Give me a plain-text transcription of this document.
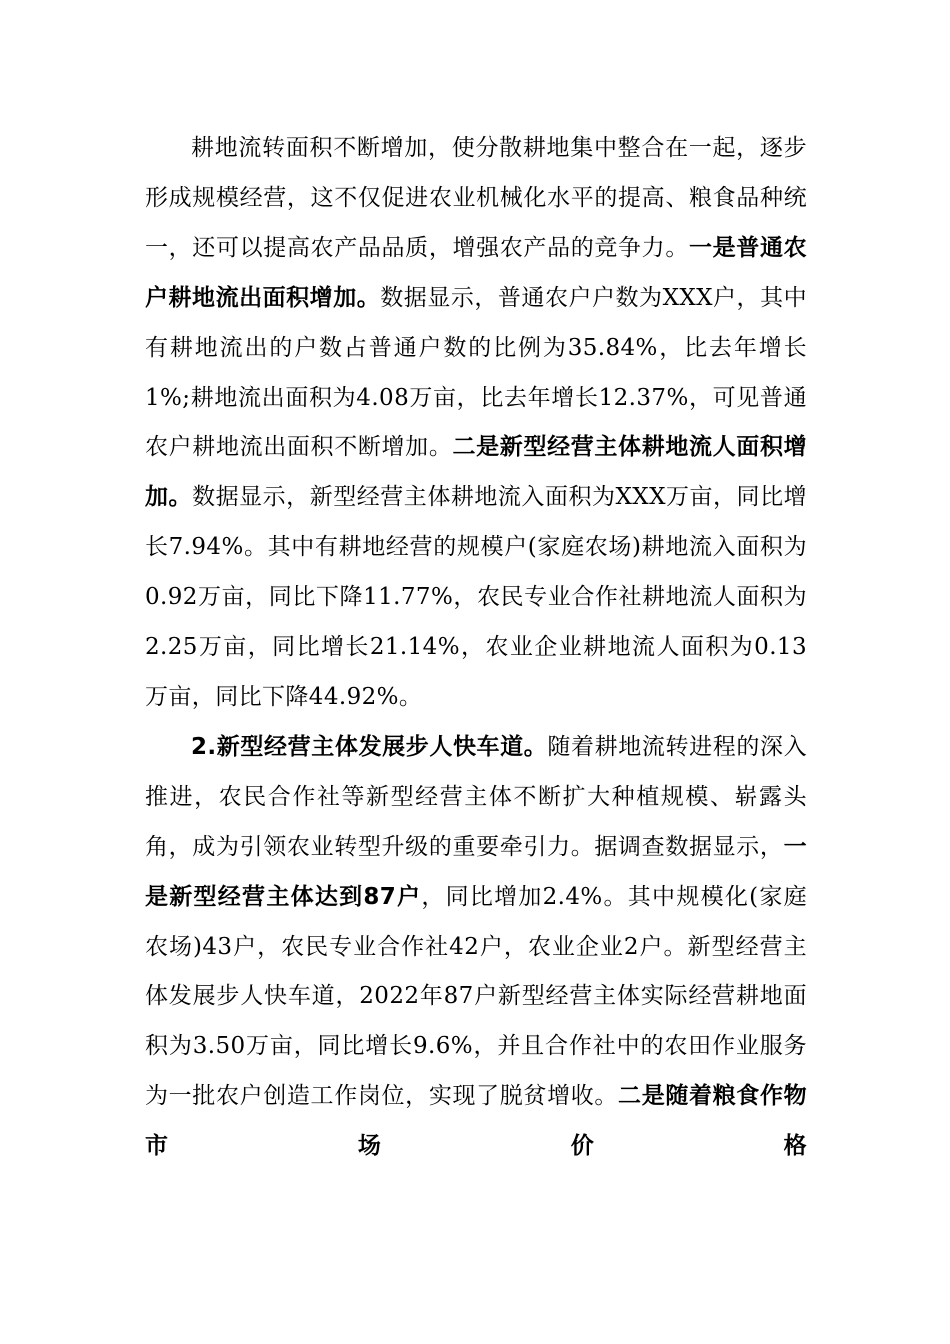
耕地流转面积不断增加，使分散耕地集中整合在一起，逐步形成规模经营，这不仅促进农业机械化水平的提高、粮食品种统一，还可以提高农产品品质，增强农产品的竞争力。一是普通农户耕地流出面积增加。数据显示，普通农户户数为XXX户，其中有耕地流出的户数占普通户数的比例为35.84%，比去年增长1%;耕地流出面积为4.08万亩，比去年增长12.37%，可见普通农户耕地流出面积不断增加。二是新型经营主体耕地流人面积增加。数据显示，新型经营主体耕地流入面积为XXX万亩，同比增长7.94%。其中有耕地经营的规模户(家庭农场)耕地流入面积为0.92万亩，同比下降11.77%，农民专业合作社耕地流人面积为2.25万亩，同比增长21.14%，农业企业耕地流人面积为0.13万亩，同比下降44.92%。

2.新型经营主体发展步人快车道。随着耕地流转进程的深入推进，农民合作社等新型经营主体不断扩大种植规模、崭露头角，成为引领农业转型升级的重要牵引力。据调查数据显示，一是新型经营主体达到87户，同比增加2.4%。其中规模化(家庭农场)43户，农民专业合作社42户，农业企业2户。新型经营主体发展步人快车道，2022年87户新型经营主体实际经营耕地面积为3.50万亩，同比增长9.6%，并且合作社中的农田作业服务为一批农户创造工作岗位，实现了脱贫增收。二是随着粮食作物市场价格
